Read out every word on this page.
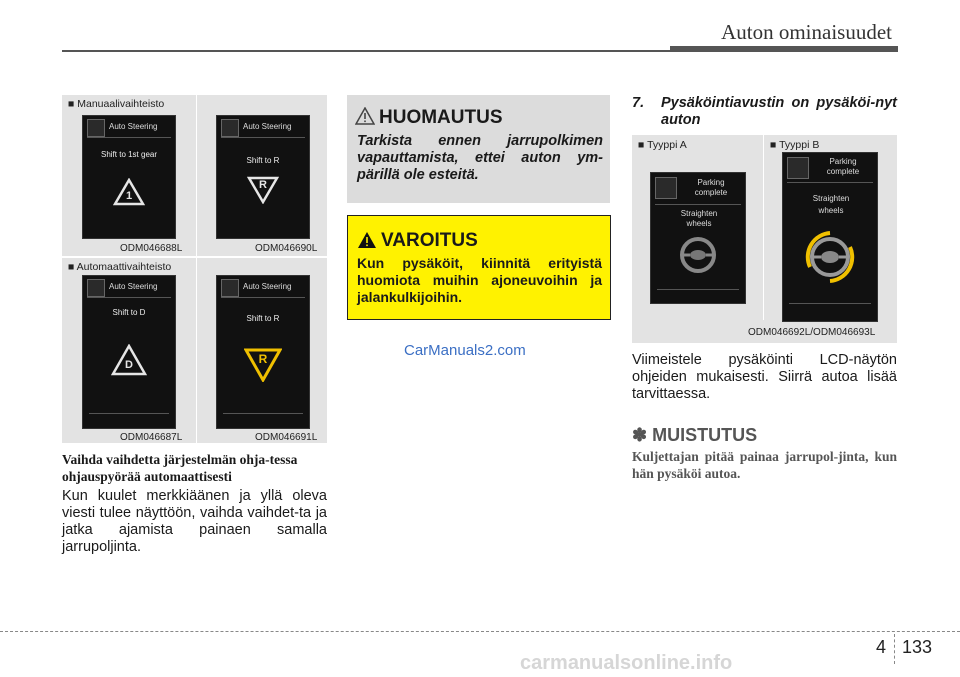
Auton ominaisuudet
■ Manuaalivaihteisto
■ Automaattivaihteisto
Auto Steering
Shift to 1st gear
1
ODM046688L
Auto Steering
Shift to R
R
ODM046690L
Auto Steering
Shift to D
D
ODM046687L
Auto Steering
Shift to R
R
ODM046691L
Vaihda vaihdetta järjestelmän ohja-tessa ohjauspyörää automaattisesti
Kun kuulet merkkiäänen ja yllä oleva viesti tulee näyttöön, vaihda vaihdet-ta ja jatka ajamista painaen samalla jarrupoljinta.
HUOMAUTUS
Tarkista ennen jarrupolkimen vapauttamista, ettei auton ym-pärillä ole esteitä.
VAROITUS
Kun pysäköit, kiinnitä erityistä huomiota muihin ajoneuvoihin ja jalankulkijoihin.
CarManuals2.com
7. Pysäköintiavustin on pysäköi-nyt auton
■ Tyyppi A	■ Tyyppi B
Parking complete
Straighten wheels
Parking complete
Straighten wheels
ODM046692L/ODM046693L
Viimeistele pysäköinti LCD-näytön ohjeiden mukaisesti. Siirrä autoa lisää tarvittaessa.
✽ MUISTUTUS
Kuljettajan pitää painaa jarrupol-jinta, kun hän pysäköi autoa.
4 133
carmanualsonline.info
